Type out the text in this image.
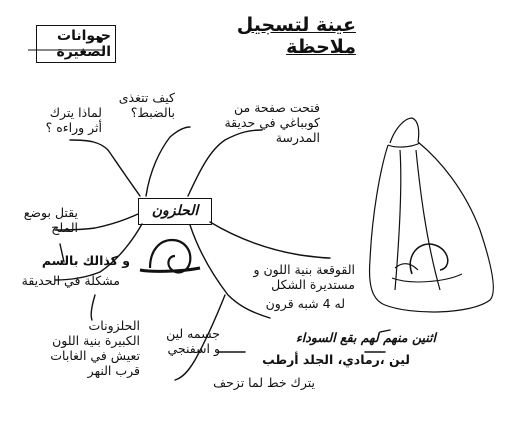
عينة لتسجيل ملاحظة
حيوانات الصغيرة
الحلزون
كيف تتغذى
بالضبط؟
لماذا يترك
أثر وراءه ؟
فتحت صفحة من
كوبباغي في حديقة
المدرسة
يقتل بوضع
الملح
و كذالك بالسم
مشكلة في الحديقة
الحلزونات
الكبيرة بنية اللون
تعيش في الغابات
قرب النهر
القوقعة بنية اللون و
مستديرة الشكل
له 4 شبه قرون
اثنين منهم لهم بقع السوداء
جسمه لين
و اسفنجي
لين ،رمادي، الجلد أرطب
يترك خط لما تزحف
